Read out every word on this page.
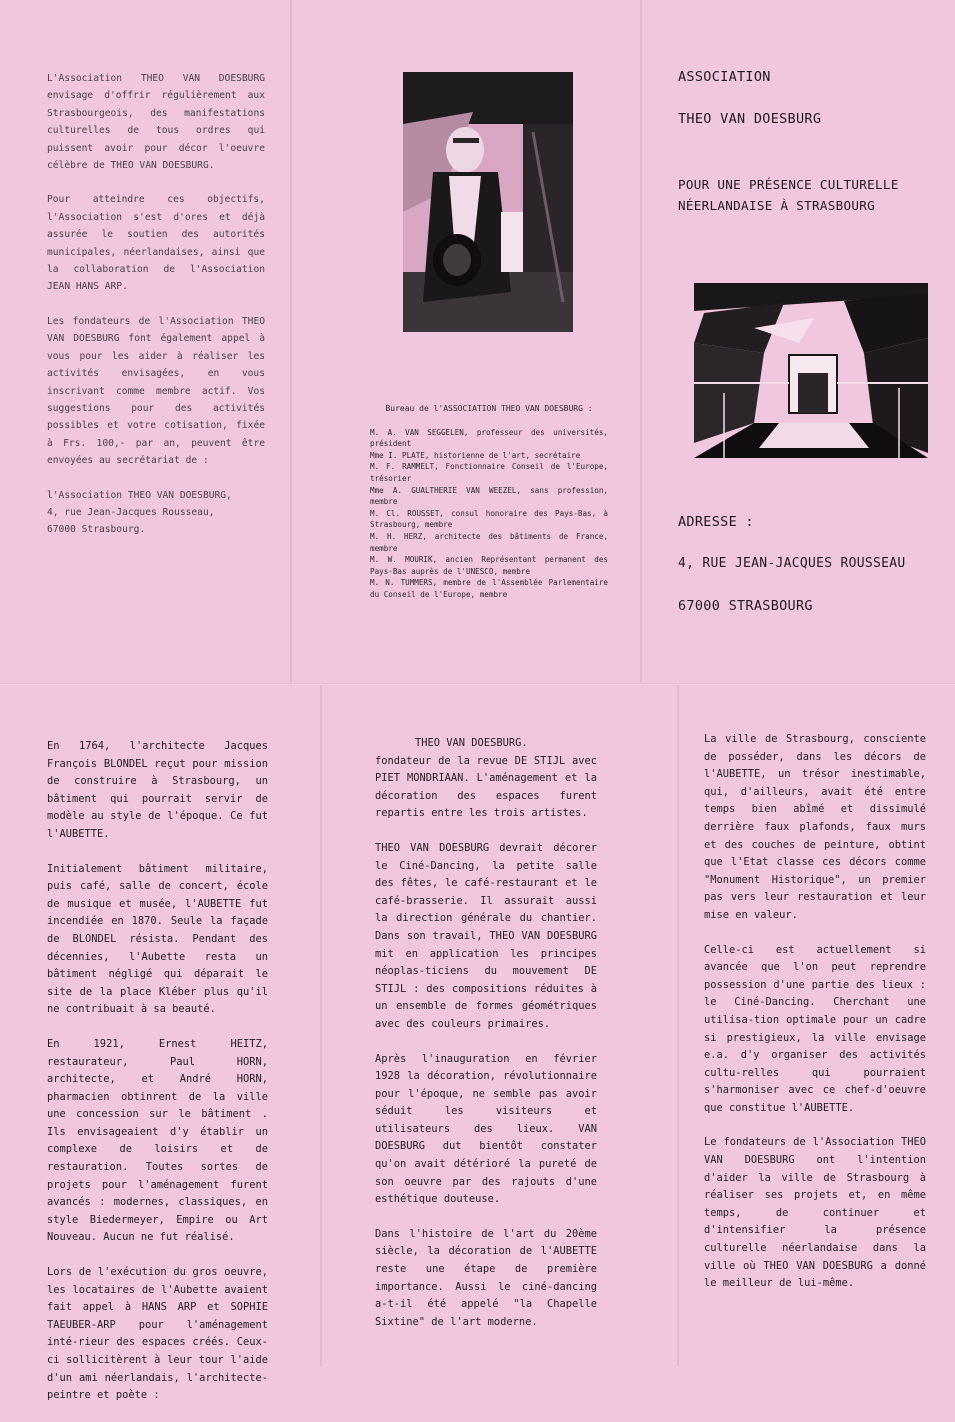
L'Association THEO VAN DOESBURG envisage d'offrir régulièrement aux Strasbourgeois, des manifestations culturelles de tous ordres qui puissent avoir pour décor l'oeuvre célèbre de THEO VAN DOESBURG.

Pour atteindre ces objectifs, l'Association s'est d'ores et déjà assurée le soutien des autorités municipales, néerlandaises, ainsi que la collaboration de l'Association JEAN HANS ARP.

Les fondateurs de l'Association THEO VAN DOESBURG font également appel à vous pour les aider à réaliser les activités envisagées, en vous inscrivant comme membre actif. Vos suggestions pour des activités possibles et votre cotisation, fixée à Frs. 100,- par an, peuvent être envoyées au secrétariat de :

l'Association THEO VAN DOESBURG,
4, rue Jean-Jacques Rousseau,
67000 Strasbourg.

Bureau de l'ASSOCIATION THEO VAN DOESBURG :
M. A. VAN SEGGELEN, professeur des universités, président
Mme I. PLATE, historienne de l'art, secrétaire
M. F. RAMMELT, Fonctionnaire Conseil de l'Europe, trésorier
Mme A. GUALTHERIE VAN WEEZEL, sans profession, membre
M. Cl. ROUSSET, consul honoraire des Pays-Bas, à Strasbourg, membre
M. H. HERZ, architecte des bâtiments de France, membre
M. W. MOURIK, ancien Représentant permanent des Pays-Bas auprès de l'UNESCO, membre
M. N. TUMMERS, membre de l'Assemblée Parlementaire du Conseil de l'Europe, membre
ASSOCIATION
THEO VAN DOESBURG
POUR UNE PRÉSENCE CULTURELLE
NÉERLANDAISE À STRASBOURG
ADRESSE :
4, RUE JEAN-JACQUES ROUSSEAU
67000 STRASBOURG

En 1764, l'architecte Jacques François BLONDEL reçut pour mission de construire à Strasbourg, un bâtiment qui pourrait servir de modèle au style de l'époque. Ce fut l'AUBETTE.

Initialement bâtiment militaire, puis café, salle de concert, école de musique et musée, l'AUBETTE fut incendiée en 1870. Seule la façade de BLONDEL résista. Pendant des décennies, l'Aubette resta un bâtiment négligé qui déparait le site de la place Kléber plus qu'il ne contribuait à sa beauté.

En 1921, Ernest HEITZ, restaurateur, Paul HORN, architecte, et André HORN, pharmacien obtinrent de la ville une concession sur le bâtiment . Ils envisageaient d'y établir un complexe de loisirs et de restauration. Toutes sortes de projets pour l'aménagement furent avancés : modernes, classiques, en style Biedermeyer, Empire ou Art Nouveau. Aucun ne fut réalisé.

Lors de l'exécution du gros oeuvre, les locataires de l'Aubette avaient fait appel à HANS ARP et SOPHIE TAEUBER-ARP pour l'aménagement inté-rieur des espaces créés. Ceux-ci sollicitèrent à leur tour l'aide d'un ami néerlandais, l'architecte-peintre et poète :

THEO VAN DOESBURG.

fondateur de la revue DE STIJL avec PIET MONDRIAAN. L'aménagement et la décoration des espaces furent repartis entre les trois artistes.

THEO VAN DOESBURG devrait décorer le Ciné-Dancing, la petite salle des fêtes, le café-restaurant et le café-brasserie. Il assurait aussi la direction générale du chantier. Dans son travail, THEO VAN DOESBURG mit en application les principes néoplas-ticiens du mouvement DE STIJL : des compositions réduites à un ensemble de formes géométriques avec des couleurs primaires.

Après l'inauguration en février 1928 la décoration, révolutionnaire pour l'époque, ne semble pas avoir séduit les visiteurs et utilisateurs des lieux. VAN DOESBURG dut bientôt constater qu'on avait détérioré la pureté de son oeuvre par des rajouts d'une esthétique douteuse.

Dans l'histoire de l'art du 20ème siècle, la décoration de l'AUBETTE reste une étape de première importance. Aussi le ciné-dancing a-t-il été appelé "la Chapelle Sixtine" de l'art moderne.

La ville de Strasbourg, consciente de posséder, dans les décors de l'AUBETTE, un trésor inestimable, qui, d'ailleurs, avait été entre temps bien abîmé et dissimulé derrière faux plafonds, faux murs et des couches de peinture, obtint que l'Etat classe ces décors comme "Monument Historique", un premier pas vers leur restauration et leur mise en valeur.

Celle-ci est actuellement si avancée que l'on peut reprendre possession d'une partie des lieux : le Ciné-Dancing. Cherchant une utilisa-tion optimale pour un cadre si prestigieux, la ville envisage e.a. d'y organiser des activités cultu-relles qui pourraient s'harmoniser avec ce chef-d'oeuvre que constitue l'AUBETTE.

Le fondateurs de l'Association THEO VAN DOESBURG ont l'intention d'aider la ville de Strasbourg à réaliser ses projets et, en même temps, de continuer et d'intensifier la présence culturelle néerlandaise dans la ville où THEO VAN DOESBURG a donné le meilleur de lui-même.
